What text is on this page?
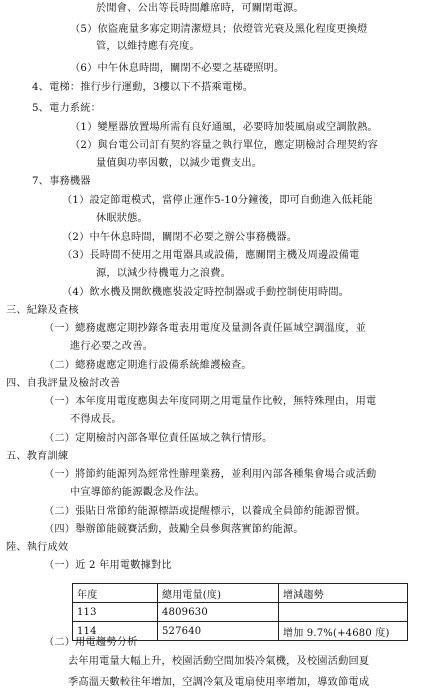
於閒會、公出等長時間離席時，可關閉電源。
（5）依盜鹿量多寡定期清潔燈具；依燈管光衰及黑化程度更換燈
管，以維持應有亮度。
（6）中午休息時間，關閉不必要之基礎照明。
4、電梯：推行步行運動，3樓以下不搭乘電梯。
5、電力系統：
（1）變壓器放置場所需有良好通風，必要時加裝風扇或空調散熱。
（2）與台電公司訂有契約容量之執行單位，應定期檢討合理契約容
量值與功率因數，以減少電費支出。
7、事務機器
（1）設定節電模式，當停止運作5-10分鐘後，即可自動進入低耗能
休眠狀態。
（2）中午休息時間，關閉不必要之辦公事務機器。
（3）長時間不使用之用電器具或設備，應關閉主機及周邊設備電
源，以減少待機電力之浪費。
（4）飲水機及開飲機應裝設定時控制器或手動控制使用時間。
三、紀錄及查核
（一）總務處應定期抄錄各電表用電度及量測各責任區域空調溫度，並
進行必要之改善。
（二）總務處應定期進行設備系統維護檢查。
四、自我評量及檢討改善
（一）本年度用電度應與去年度同期之用電量作比較，無特殊理由，用電
不得成長。
（二）定期檢討內部各單位責任區域之執行情形。
五、教育訓練
（一）將節約能源列為經常性辦理業務，並利用內部各種集會場合或活動
中宣導節約能源觀念及作法。
（二）張貼日常節約能源標語或提醒標示，以養成全員節約能源習慣。
（四）舉辦節能競賽活動，鼓勵全員參與落實節約能源。
陸、執行成效
（一）近 2 年用電數據對比
（二）用電趨勢分析
去年用電量大幅上升，校園活動空間加裝冷氣機，及校園活動回夏
季高溫天數較往年增加，空調冷氣及電扇使用率增加，導致節電成
年度	總用電量(度)	增減趨勢
113	4809630	
114	527640	增加 9.7%(+4680 度)
